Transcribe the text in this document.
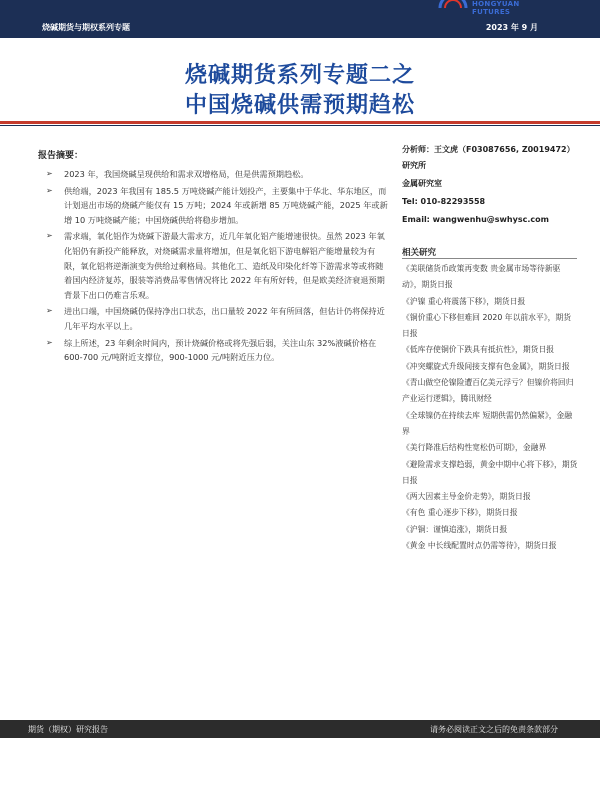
烧碱期货与期权系列专题	2023 年 9 月
HONGYUAN FUTURES
烧碱期货系列专题二之
中国烧碱供需预期趋松
报告摘要：
➢ 2023 年，我国烧碱呈现供给和需求双增格局，但是供需预期趋松。
➢ 供给端，2023 年我国有 185.5 万吨烧碱产能计划投产，主要集中于华北、华东地区，而计划退出市场的烧碱产能仅有 15 万吨；2024 年或新增 85 万吨烧碱产能，2025 年或新增 10 万吨烧碱产能；中国烧碱供给将稳步增加。
➢ 需求端，氧化铝作为烧碱下游最大需求方，近几年氧化铝产能增速很快。虽然 2023 年氧化铝仍有新投产能释放，对烧碱需求量将增加，但是氧化铝下游电解铝产能增量较为有限，氧化铝将逆渐演变为供给过剩格局。其他化工、造纸及印染化纤等下游需求等或将随着国内经济复苏，服装等消费品零售情况将比 2022 年有所好转，但是欧美经济衰退预期背景下出口仍难言乐观。
➢ 进出口端，中国烧碱仍保持净出口状态，出口量较 2022 年有所回落，但估计仍将保持近几年平均水平以上。
➢ 综上所述，23 年剩余时间内，预计烧碱价格或将先强后弱，关注山东 32%液碱价格在 600-700 元/吨附近支撑位，900-1000 元/吨附近压力位。
分析师：王文虎（F03087656, Z0019472）
研究所
金属研究室
Tel: 010-82293558
Email: wangwenhu@swhysc.com
相关研究

《美联储货币政策再变数 贵金属市场等待新驱动》，期货日报

《沪镍 重心将震荡下移》，期货日报

《铜价重心下移但难回 2020 年以前水平》，期货日报

《低库存使铜价下跌具有抵抗性》，期货日报

《冲突螺旋式升级间接支撑有色金属》，期货日报

《青山做空伦镍险遭百亿美元浮亏？但镍价将回归产业运行逻辑》，腾讯财经

《全球镍仍在持续去库 短期供需仍然偏紧》，金融界

《美行降准后结构性宽松仍可期》，金融界

《避险需求支撑趋弱，黄金中期中心将下移》，期货日报

《两大因素主导金价走势》，期货日报

《有色 重心逐步下移》，期货日报

《沪铜：谨慎追涨》，期货日报

《黄金 中长线配置时点仍需等待》，期货日报

期货（期权）研究报告	请务必阅读正文之后的免责条款部分
